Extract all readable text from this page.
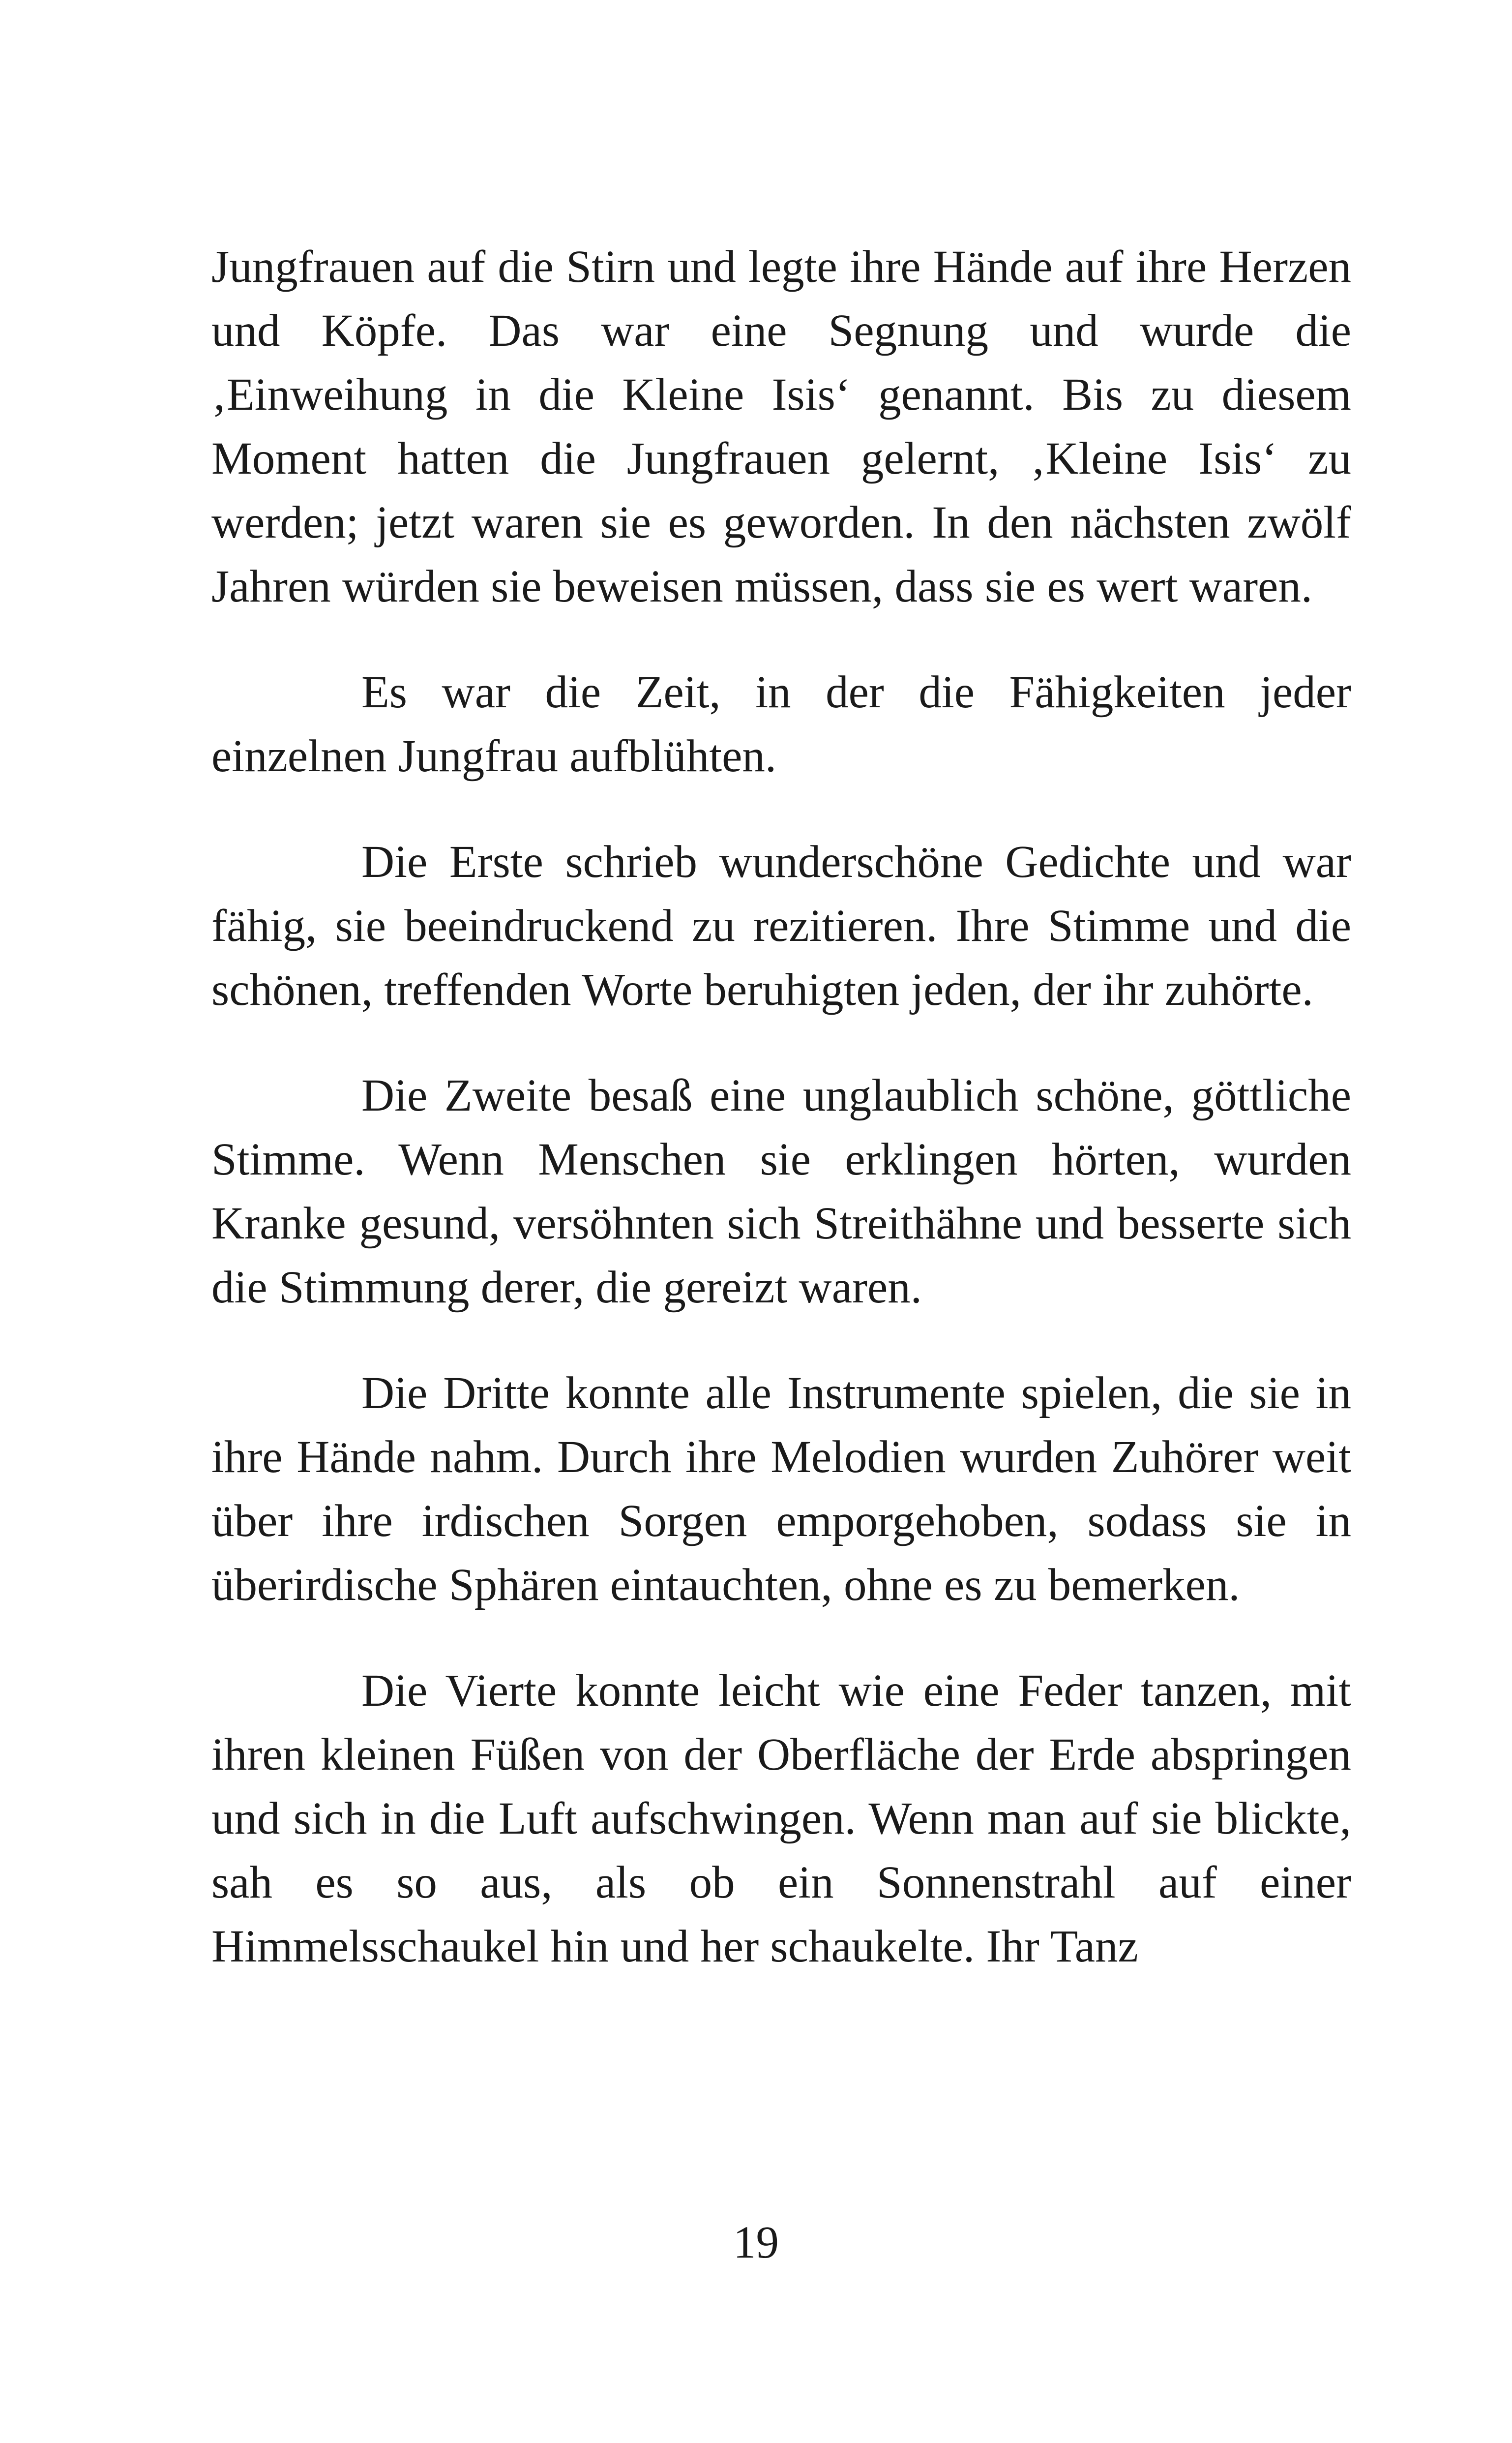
Jungfrauen auf die Stirn und legte ihre Hände auf ihre Herzen und Köpfe. Das war eine Segnung und wurde die ‚Einweihung in die Kleine Isis‘ genannt. Bis zu diesem Moment hatten die Jungfrauen gelernt, ‚Kleine Isis‘ zu werden; jetzt waren sie es geworden. In den nächsten zwölf Jahren würden sie beweisen müssen, dass sie es wert waren.

Es war die Zeit, in der die Fähigkeiten jeder einzelnen Jungfrau aufblühten.

Die Erste schrieb wunderschöne Gedichte und war fähig, sie beeindruckend zu rezitieren. Ihre Stimme und die schönen, treffenden Worte beruhigten jeden, der ihr zuhörte.

Die Zweite besaß eine unglaublich schöne, göttliche Stimme. Wenn Menschen sie erklingen hörten, wurden Kranke gesund, versöhnten sich Streithähne und besserte sich die Stimmung derer, die gereizt waren.

Die Dritte konnte alle Instrumente spielen, die sie in ihre Hände nahm. Durch ihre Melodien wurden Zuhörer weit über ihre irdischen Sorgen emporgehoben, sodass sie in überirdische Sphären eintauchten, ohne es zu bemerken.

Die Vierte konnte leicht wie eine Feder tanzen, mit ihren kleinen Füßen von der Oberfläche der Erde abspringen und sich in die Luft aufschwingen. Wenn man auf sie blickte, sah es so aus, als ob ein Sonnenstrahl auf einer Himmelsschaukel hin und her schaukelte. Ihr Tanz

19
